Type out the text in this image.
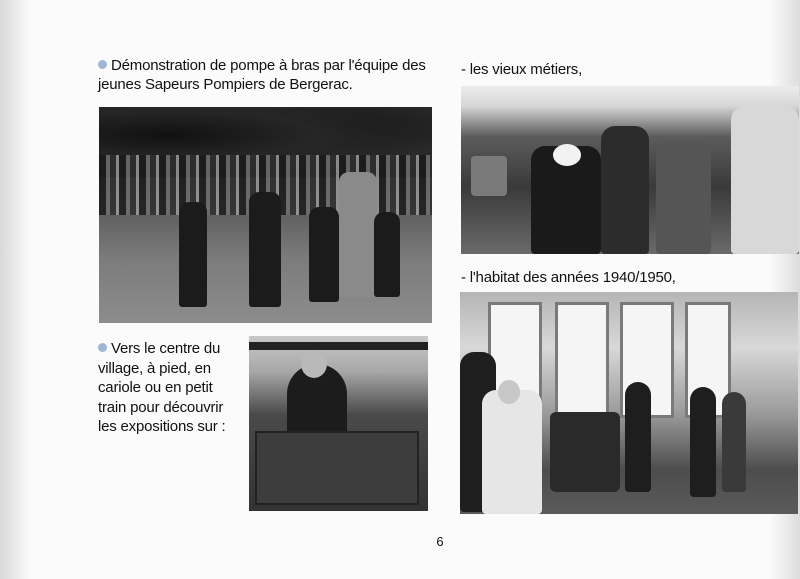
Démonstration de pompe à bras par l'équipe des
jeunes Sapeurs Pompiers de Bergerac.
- les vieux métiers,
- l'habitat des années 1940/1950,
Vers le centre du
village, à pied, en
cariole ou en petit
train pour découvrir
les expositions sur :
6
